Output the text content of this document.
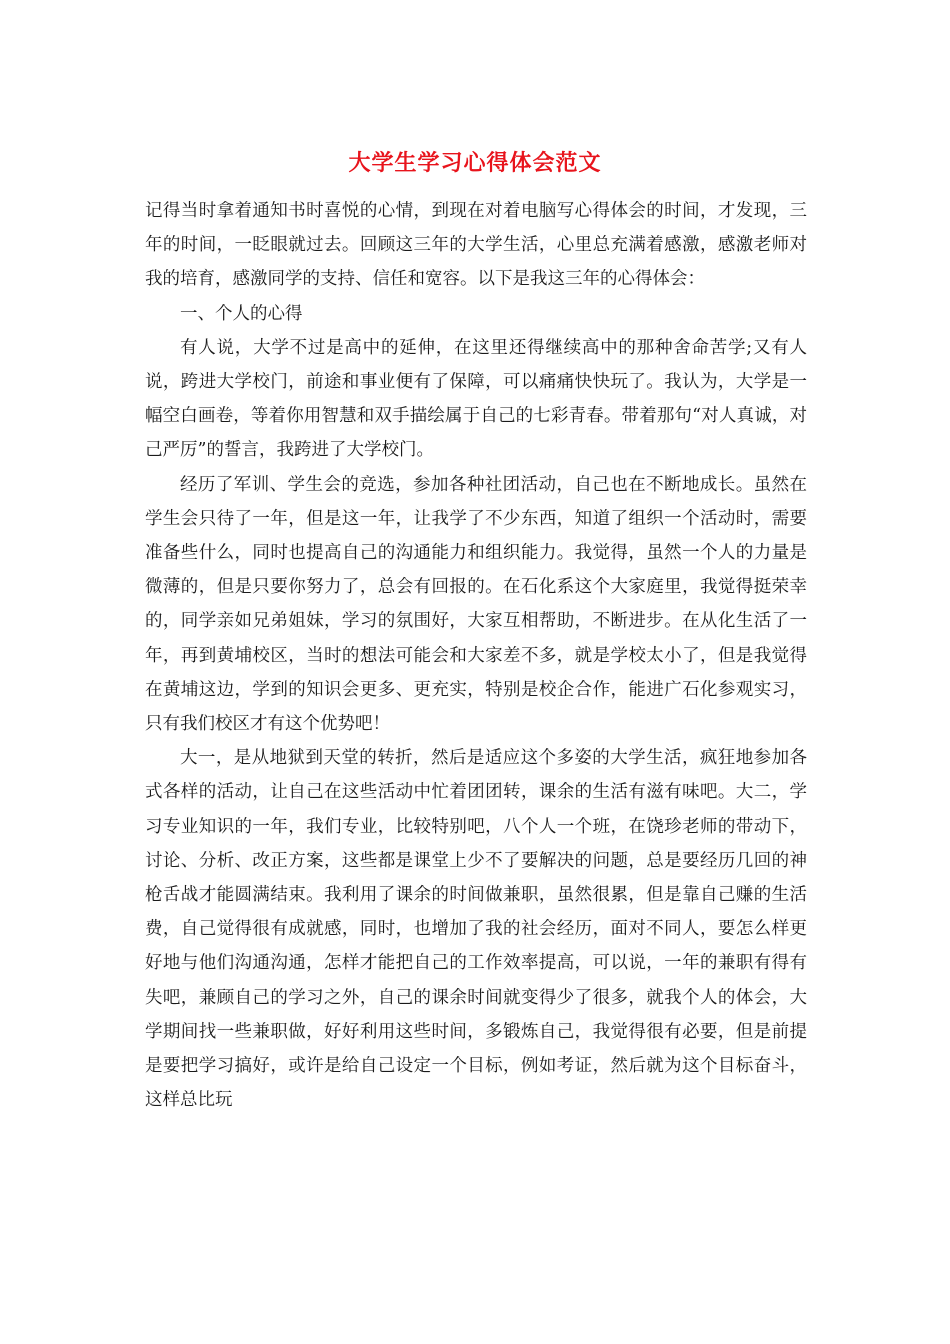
大学生学习心得体会范文

记得当时拿着通知书时喜悦的心情，到现在对着电脑写心得体会的时间，才发现，三年的时间，一眨眼就过去。回顾这三年的大学生活，心里总充满着感激，感激老师对我的培育，感激同学的支持、信任和宽容。以下是我这三年的心得体会：

一、个人的心得

有人说，大学不过是高中的延伸，在这里还得继续高中的那种舍命苦学;又有人说，跨进大学校门，前途和事业便有了保障，可以痛痛快快玩了。我认为，大学是一幅空白画卷，等着你用智慧和双手描绘属于自己的七彩青春。带着那句“对人真诚，对己严厉”的誓言，我跨进了大学校门。

经历了军训、学生会的竞选，参加各种社团活动，自己也在不断地成长。虽然在学生会只待了一年，但是这一年，让我学了不少东西，知道了组织一个活动时，需要准备些什么，同时也提高自己的沟通能力和组织能力。我觉得，虽然一个人的力量是微薄的，但是只要你努力了，总会有回报的。在石化系这个大家庭里，我觉得挺荣幸的，同学亲如兄弟姐妹，学习的氛围好，大家互相帮助，不断进步。在从化生活了一年，再到黄埔校区，当时的想法可能会和大家差不多，就是学校太小了，但是我觉得在黄埔这边，学到的知识会更多、更充实，特别是校企合作，能进广石化参观实习，只有我们校区才有这个优势吧！

大一，是从地狱到天堂的转折，然后是适应这个多姿的大学生活，疯狂地参加各式各样的活动，让自己在这些活动中忙着团团转，课余的生活有滋有味吧。大二，学习专业知识的一年，我们专业，比较特别吧，八个人一个班，在饶珍老师的带动下，讨论、分析、改正方案，这些都是课堂上少不了要解决的问题，总是要经历几回的神枪舌战才能圆满结束。我利用了课余的时间做兼职，虽然很累，但是靠自己赚的生活费，自己觉得很有成就感，同时，也增加了我的社会经历，面对不同人，要怎么样更好地与他们沟通沟通，怎样才能把自己的工作效率提高，可以说，一年的兼职有得有失吧，兼顾自己的学习之外，自己的课余时间就变得少了很多，就我个人的体会，大学期间找一些兼职做，好好利用这些时间，多锻炼自己，我觉得很有必要，但是前提是要把学习搞好，或许是给自己设定一个目标，例如考证，然后就为这个目标奋斗，这样总比玩
